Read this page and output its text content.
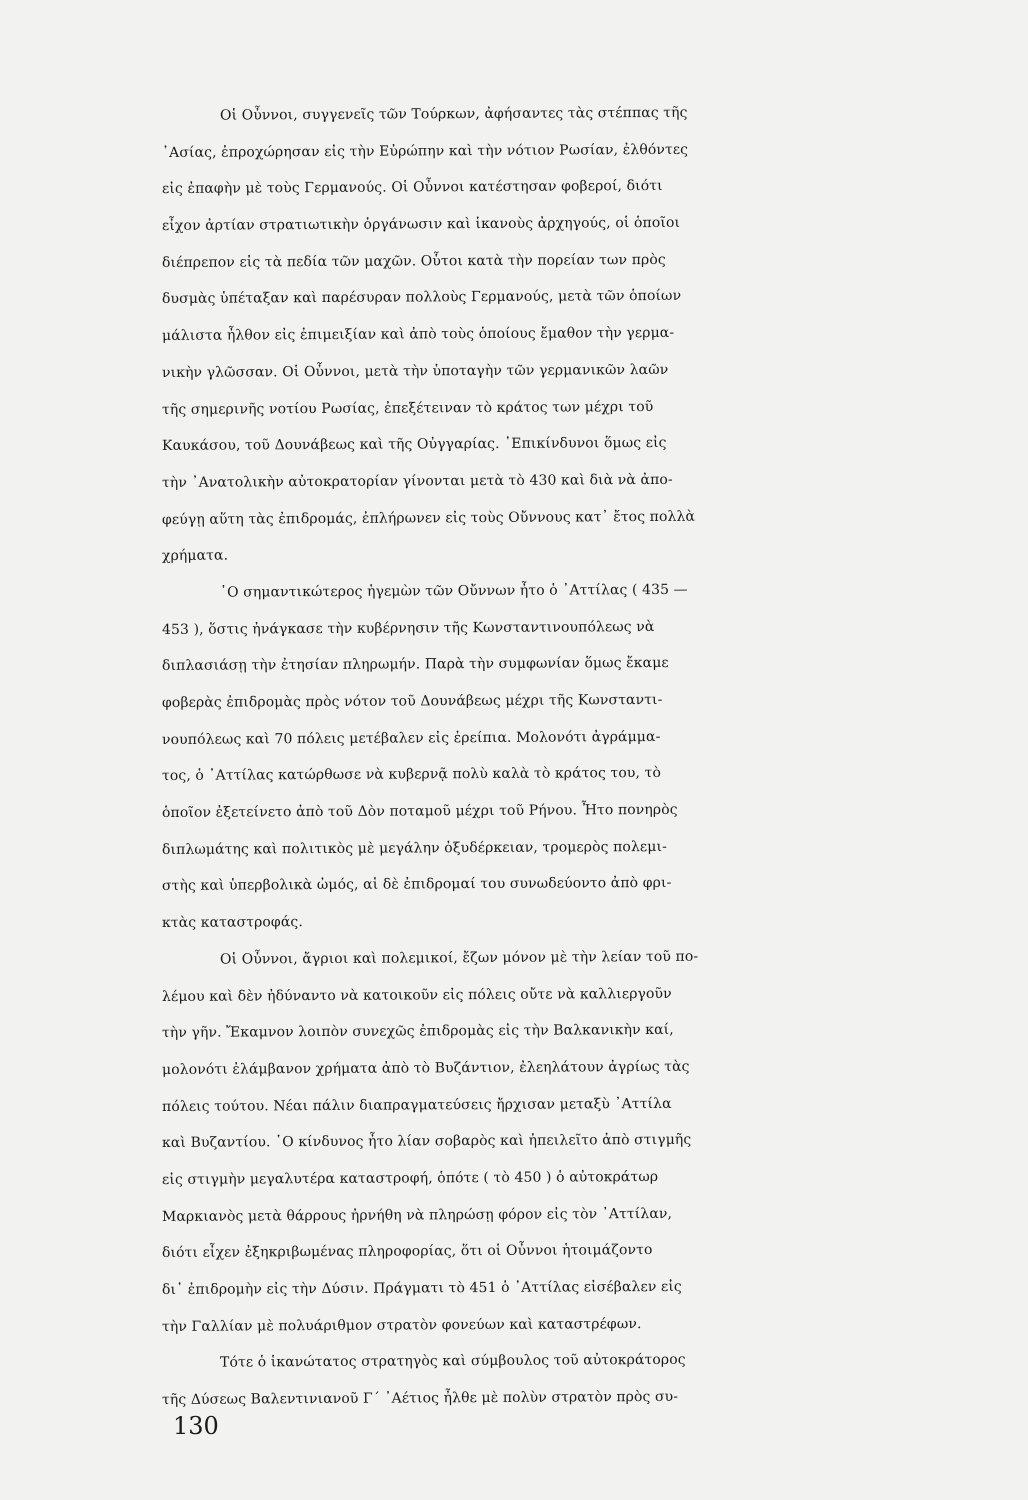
Οἱ Οὖννοι, συγγενεῖς τῶν Τούρκων, ἀφήσαντες τὰς στέππας τῆς
᾿Ασίας, ἐπροχώρησαν εἰς τὴν Εὐρώπην καὶ τὴν νότιον Ρωσίαν, ἐλθόντες
εἰς ἐπαφὴν μὲ τοὺς Γερμανούς. Οἱ Οὖννοι κατέστησαν φοβεροί, διότι
εἶχον ἀρτίαν στρατιωτικὴν ὀργάνωσιν καὶ ἱκανοὺς ἀρχηγούς, οἱ ὁποῖοι
διέπρεπον εἰς τὰ πεδία τῶν μαχῶν. Οὗτοι κατὰ τὴν πορείαν των πρὸς
δυσμὰς ὑπέταξαν καὶ παρέσυραν πολλοὺς Γερμανούς, μετὰ τῶν ὁποίων
μάλιστα ἦλθον εἰς ἐπιμειξίαν καὶ ἀπὸ τοὺς ὁποίους ἔμαθον τὴν γερμα-
νικὴν γλῶσσαν. Οἱ Οὖννοι, μετὰ τὴν ὑποταγὴν τῶν γερμανικῶν λαῶν
τῆς σημερινῆς νοτίου Ρωσίας, ἐπεξέτειναν τὸ κράτος των μέχρι τοῦ
Καυκάσου, τοῦ Δουνάβεως καὶ τῆς Οὐγγαρίας. ᾿Επικίνδυνοι ὅμως εἰς
τὴν ᾿Ανατολικὴν αὐτοκρατορίαν γίνονται μετὰ τὸ 430 καὶ διὰ νὰ ἀπο-
φεύγῃ αὕτη τὰς ἐπιδρομάς, ἐπλήρωνεν εἰς τοὺς Οὔννους κατ᾿ ἔτος πολλὰ
χρήματα.
῾Ο σημαντικώτερος ἡγεμὼν τῶν Οὔννων ἦτο ὁ ᾿Αττίλας ( 435 —
453 ), ὅστις ἠνάγκασε τὴν κυβέρνησιν τῆς Κωνσταντινουπόλεως νὰ
διπλασιάσῃ τὴν ἐτησίαν πληρωμήν. Παρὰ τὴν συμφωνίαν ὅμως ἔκαμε
φοβερὰς ἐπιδρομὰς πρὸς νότον τοῦ Δουνάβεως μέχρι τῆς Κωνσταντι-
νουπόλεως καὶ 70 πόλεις μετέβαλεν εἰς ἐρείπια. Μολονότι ἀγράμμα-
τος, ὁ ᾿Αττίλας κατώρθωσε νὰ κυβερνᾷ πολὺ καλὰ τὸ κράτος του, τὸ
ὁποῖον ἐξετείνετο ἀπὸ τοῦ Δὸν ποταμοῦ μέχρι τοῦ Ρήνου. Ἦτο πονηρὸς
διπλωμάτης καὶ πολιτικὸς μὲ μεγάλην ὀξυδέρκειαν, τρομερὸς πολεμι-
στὴς καὶ ὑπερβολικὰ ὠμός, αἱ δὲ ἐπιδρομαί του συνωδεύοντο ἀπὸ φρι-
κτὰς καταστροφάς.
Οἱ Οὖννοι, ἄγριοι καὶ πολεμικοί, ἔζων μόνον μὲ τὴν λείαν τοῦ πο-
λέμου καὶ δὲν ἠδύναντο νὰ κατοικοῦν εἰς πόλεις οὔτε νὰ καλλιεργοῦν
τὴν γῆν. Ἔκαμνον λοιπὸν συνεχῶς ἐπιδρομὰς εἰς τὴν Βαλκανικὴν καί,
μολονότι ἐλάμβανον χρήματα ἀπὸ τὸ Βυζάντιον, ἐλεηλάτουν ἀγρίως τὰς
πόλεις τούτου. Νέαι πάλιν διαπραγματεύσεις ἤρχισαν μεταξὺ ᾿Αττίλα
καὶ Βυζαντίου. ῾Ο κίνδυνος ἦτο λίαν σοβαρὸς καὶ ἠπειλεῖτο ἀπὸ στιγμῆς
εἰς στιγμὴν μεγαλυτέρα καταστροφή, ὁπότε ( τὸ 450 ) ὁ αὐτοκράτωρ
Μαρκιανὸς μετὰ θάρρους ἠρνήθη νὰ πληρώσῃ φόρον εἰς τὸν ᾿Αττίλαν,
διότι εἶχεν ἐξηκριβωμένας πληροφορίας, ὅτι οἱ Οὖννοι ἡτοιμάζοντο
δι᾿ ἐπιδρομὴν εἰς τὴν Δύσιν. Πράγματι τὸ 451 ὁ ᾿Αττίλας εἰσέβαλεν εἰς
τὴν Γαλλίαν μὲ πολυάριθμον στρατὸν φονεύων καὶ καταστρέφων.
Τότε ὁ ἱκανώτατος στρατηγὸς καὶ σύμβουλος τοῦ αὐτοκράτορος
τῆς Δύσεως Βαλεντινιανοῦ Γ΄ ᾿Αέτιος ἦλθε μὲ πολὺν στρατὸν πρὸς συ-
130
